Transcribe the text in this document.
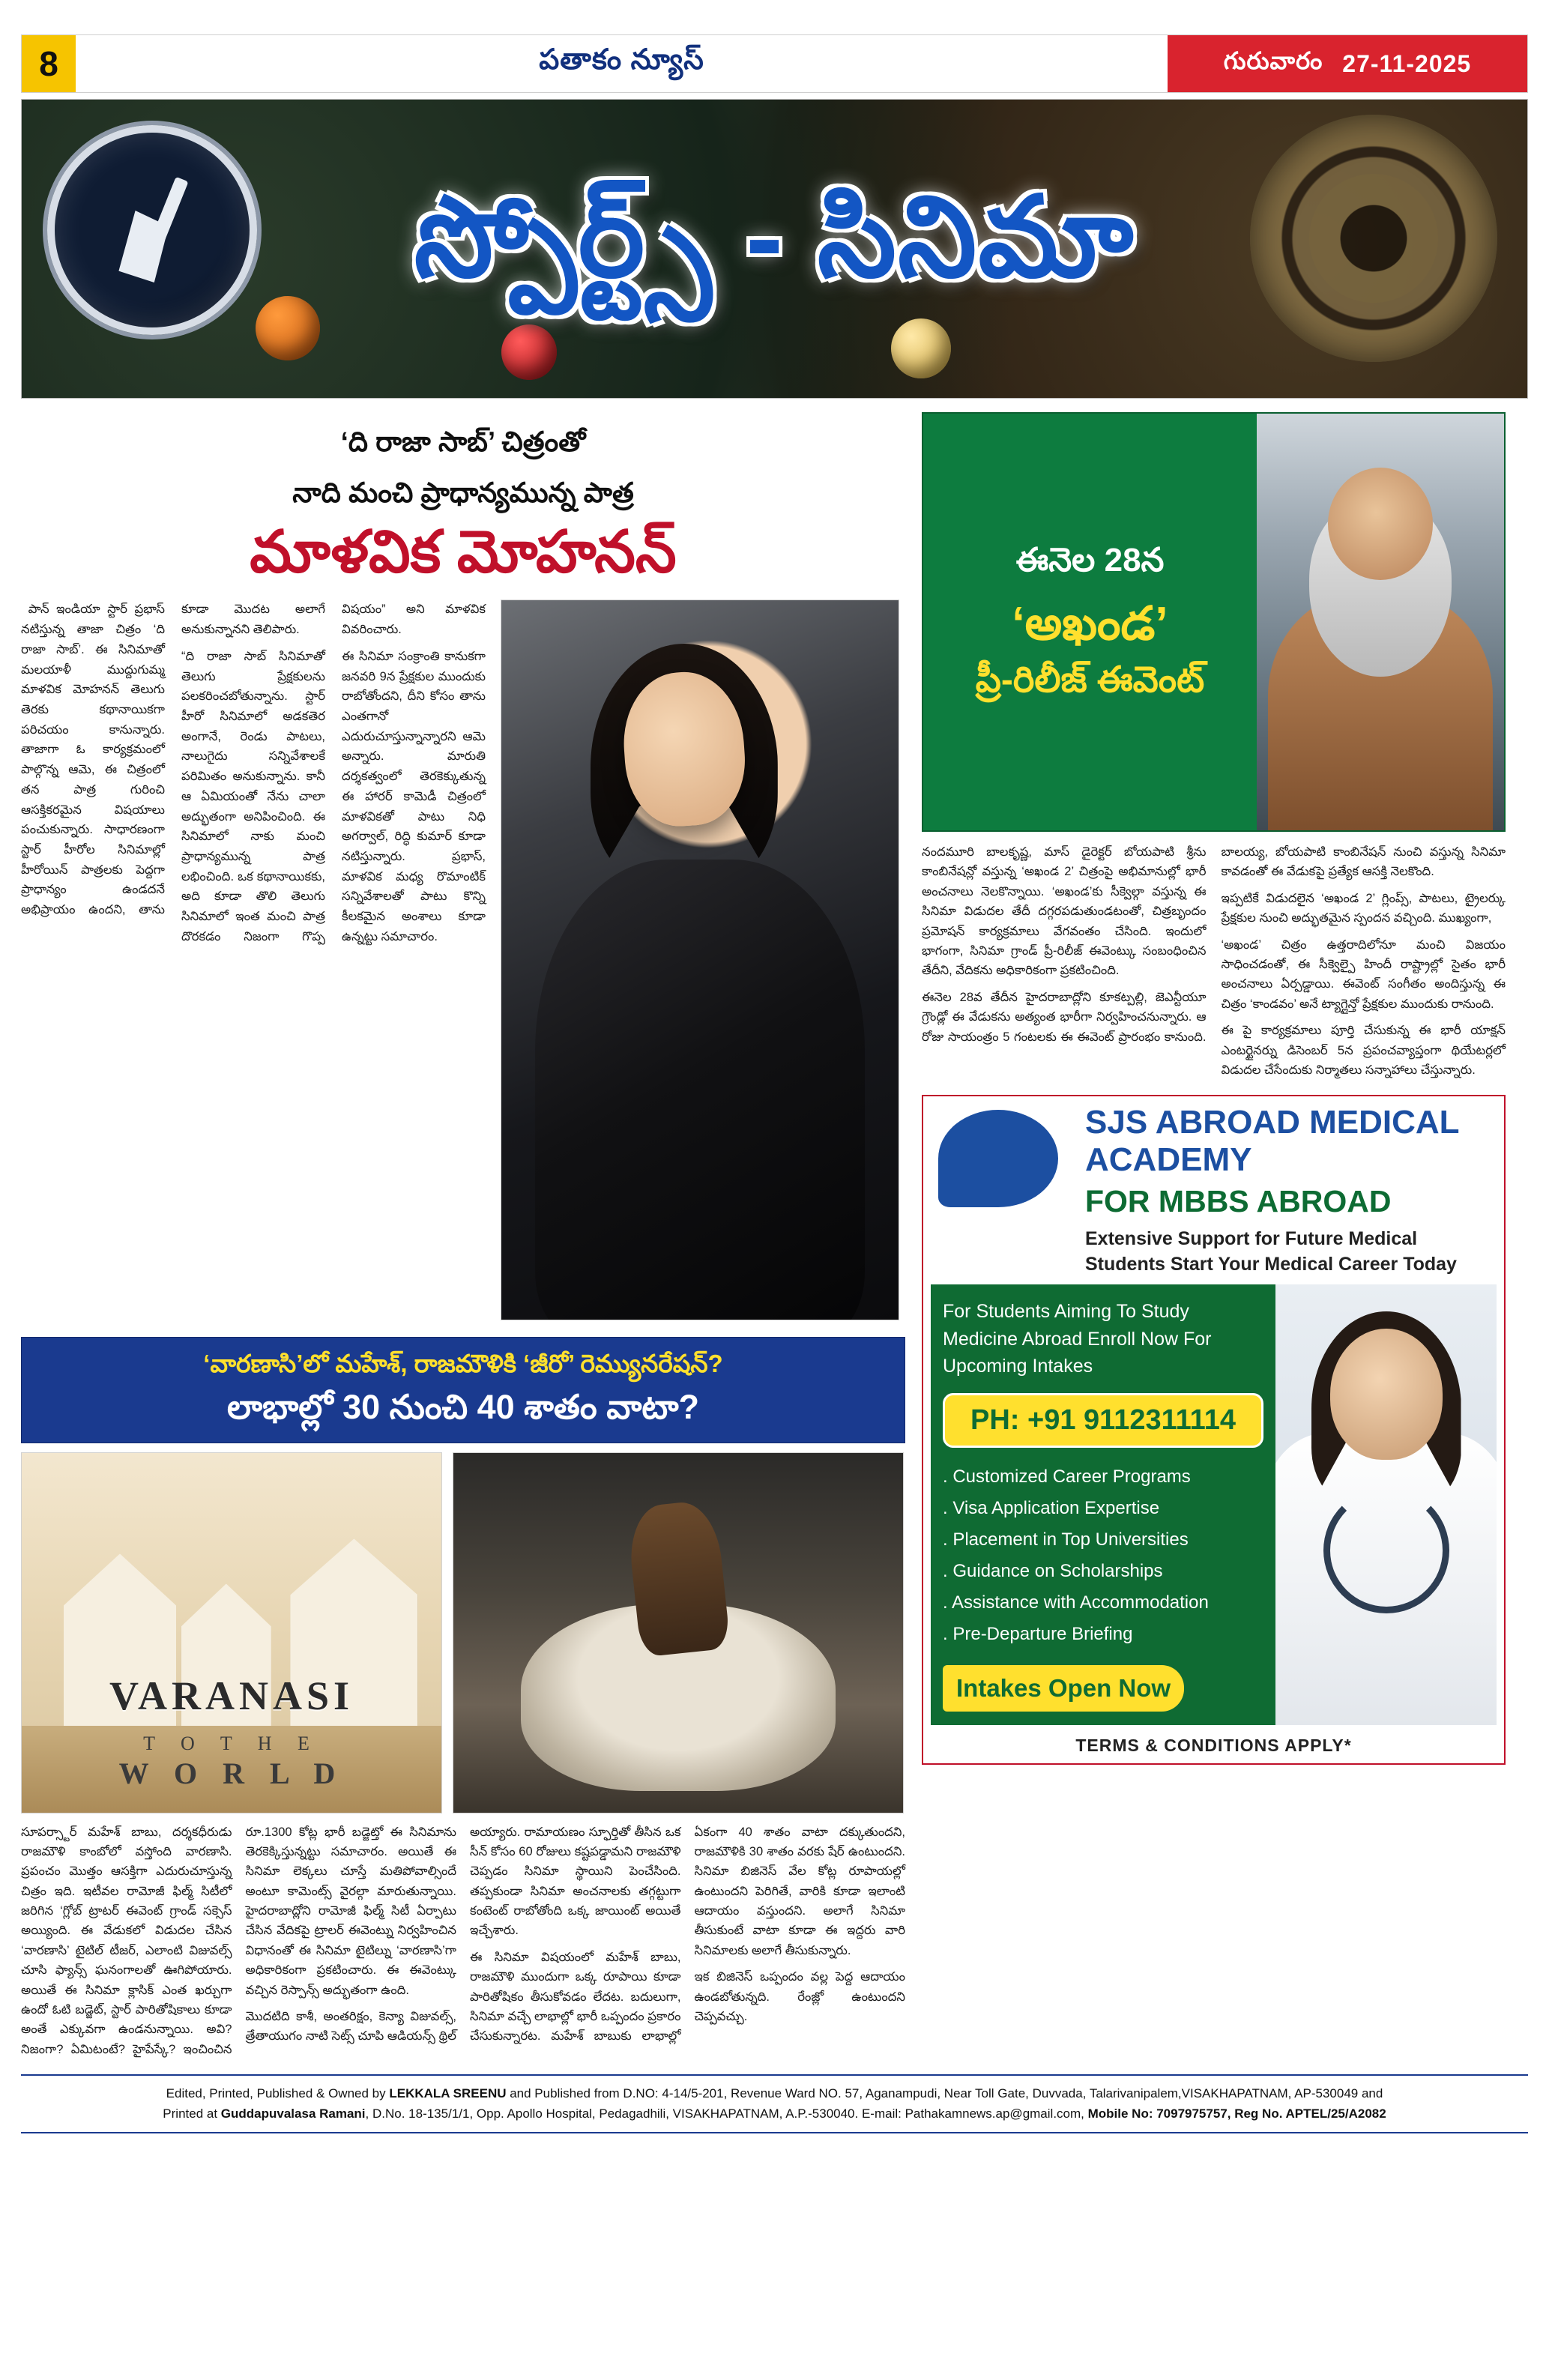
8	పతాకం న్యూస్	గురువారం 27-11-2025
స్పోర్ట్స్ - సినిమా
‘ది రాజా సాబ్’ చిత్రంతో
నాది మంచి ప్రాధాన్యమున్న పాత్ర
మాళవిక మోహనన్

పాన్ ఇండియా స్టార్ ప్రభాస్ నటిస్తున్న తాజా చిత్రం ‘ది రాజా సాబ్’. ఈ సినిమాతో మలయాళీ ముద్దుగుమ్మ మాళవిక మోహనన్ తెలుగు తెరకు కథానాయికగా పరిచయం కానున్నారు. తాజాగా ఓ కార్యక్రమంలో పాల్గొన్న ఆమె, ఈ చిత్రంలో తన పాత్ర గురించి ఆసక్తికరమైన విషయాలు పంచుకున్నారు. సాధారణంగా స్టార్ హీరోల సినిమాల్లో హీరోయిన్ పాత్రలకు పెద్దగా ప్రాధాన్యం ఉండదనే అభిప్రాయం ఉందని, తాను కూడా మొదట అలాగే అనుకున్నానని తెలిపారు.

“ది రాజా సాబ్ సినిమాతో తెలుగు ప్రేక్షకులను పలకరించబోతున్నాను. స్టార్ హీరో సినిమాలో అడకతెర అంగానే, రెండు పాటలు, నాలుగైదు సన్నివేశాలకే పరిమితం అనుకున్నాను. కానీ ఆ ఏమియంతో నేను చాలా అద్భుతంగా అనిపించింది. ఈ సినిమాలో నాకు మంచి ప్రాధాన్యమున్న పాత్ర లభించింది. ఒక కథానాయికకు, అది కూడా తొలి తెలుగు సినిమాలో ఇంత మంచి పాత్ర దొరకడం నిజంగా గొప్ప విషయం” అని మాళవిక వివరించారు.

ఈ సినిమా సంక్రాంతి కానుకగా జనవరి 9న ప్రేక్షకుల ముందుకు రాబోతోందని, దీని కోసం తాను ఎంతగానో ఎదురుచూస్తున్నాన్నారని ఆమె అన్నారు. మారుతి దర్శకత్వంలో తెరకెక్కుతున్న ఈ హారర్ కామెడీ చిత్రంలో మాళవికతో పాటు నిధి అగర్వాల్, రిద్ధి కుమార్ కూడా నటిస్తున్నారు. ప్రభాస్, మాళవిక మధ్య రొమాంటిక్ సన్నివేశాలతో పాటు కొన్ని కీలకమైన అంశాలు కూడా ఉన్నట్టు సమాచారం.

‘వారణాసి’లో మహేశ్, రాజమౌళికి ‘జీరో’ రెమ్యునరేషన్?
లాభాల్లో 30 నుంచి 40 శాతం వాటా?
VARANASI
T O T H E
W O R L D

సూపర్స్టార్ మహేశ్ బాబు, దర్శకధీరుడు రాజమౌళి కాంబోలో వస్తోంది వారణాసి. ప్రపంచం మొత్తం ఆసక్తిగా ఎదురుచూస్తున్న చిత్రం ఇది. ఇటీవల రామోజీ ఫిల్మ్ సిటీలో జరిగిన ‘గ్లోబ్ ట్రాటర్ ఈవెంట్ గ్రాండ్ సక్సెస్ అయ్యింది. ఈ వేడుకలో విడుదల చేసిన ‘వారణాసి’ టైటిల్ టీజర్, ఎలాంటి విజువల్స్ చూసి ఫ్యాన్స్ ఘనంగాలతో ఊగిపోయారు. అయితే ఈ సినిమా క్లాసిక్ ఎంత ఖర్చుగా ఉందో ఓటి బడ్జెట్, స్టార్ పారితోషికాలు కూడా అంతే ఎక్కువగా ఉండనున్నాయి. అవి? నిజంగా? ఏమిటంటే? హైపేస్కే? ఇంచించిన రూ.1300 కోట్ల భారీ బడ్జెట్తో ఈ సినిమాను తెరకెక్కిస్తున్నట్టు సమాచారం. అయితే ఈ సినిమా లెక్కలు చూస్తే మతిపోవాల్సిందే అంటూ కామెంట్స్ వైరల్గా మారుతున్నాయి. హైదరాబాద్లోని రామోజీ ఫిల్మ్ సిటీ ఏర్పాటు చేసిన వేదికపై ట్రాలర్ ఈవెంట్ను నిర్వహించిన విధానంతో ఈ సినిమా టైటిల్ను ‘వారణాసి’గా అధికారికంగా ప్రకటించారు. ఈ ఈవెంట్కు వచ్చిన రెస్పాన్స్ అద్భుతంగా ఉంది.

మొదటిది కాశీ, అంతరిక్షం, కెన్యా విజువల్స్, త్రేతాయుగం నాటి సెట్స్ చూపి ఆడియన్స్ థ్రిల్ అయ్యారు. రామాయణం స్ఫూర్తితో తీసిన ఒక సీన్ కోసం 60 రోజులు కష్టపడ్డామని రాజమౌళి చెప్పడం సినిమా స్థాయిని పెంచేసింది. తప్పకుండా సినిమా అంచనాలకు తగ్గట్టుగా కంటెంట్ రాబోతోంది ఒక్క జాయింట్ అయితే ఇచ్చేశారు.

ఈ సినిమా విషయంలో మహేశ్ బాబు, రాజమౌళి ముందుగా ఒక్క రూపాయి కూడా పారితోషికం తీసుకోవడం లేదట. బదులుగా, సినిమా వచ్చే లాభాల్లో భారీ ఒప్పందం ప్రకారం చేసుకున్నారట. మహేశ్ బాబుకు లాభాల్లో ఏకంగా 40 శాతం వాటా దక్కుతుందని, రాజమౌళికి 30 శాతం వరకు షేర్ ఉంటుందని. సినిమా బిజినెస్ వేల కోట్ల రూపాయల్లో ఉంటుందని పెరిగితే, వారికి కూడా ఇలాంటి ఆదాయం వస్తుందని. అలాగే సినిమా తీసుకుంటే వాటా కూడా ఈ ఇద్దరు వారి సినిమాలకు అలాగే తీసుకున్నారు.

ఇక బిజినెస్ ఒప్పందం వల్ల పెద్ద ఆదాయం ఉండబోతున్నది. రేంజ్లో ఉంటుందని చెప్పవచ్చు.

ఈనెల 28న
‘అఖండ’
ప్రీ-రిలీజ్ ఈవెంట్

నందమూరి బాలకృష్ణ, మాస్ డైరెక్టర్ బోయపాటి శ్రీను కాంబినేషన్లో వస్తున్న ‘అఖండ 2’ చిత్రంపై అభిమానుల్లో భారీ అంచనాలు నెలకొన్నాయి. ‘అఖండ’కు సీక్వెల్గా వస్తున్న ఈ సినిమా విడుదల తేదీ దగ్గరపడుతుండటంతో, చిత్రబృందం ప్రమోషన్ కార్యక్రమాలు వేగవంతం చేసింది. ఇందులో భాగంగా, సినిమా గ్రాండ్ ప్రీ-రిలీజ్ ఈవెంట్కు సంబంధించిన తేదీని, వేదికను అధికారికంగా ప్రకటించింది.

ఈనెల 28వ తేదీన హైదరాబాద్లోని కూకట్పల్లి, జెఎన్టీయూ గ్రౌండ్లో ఈ వేడుకను అత్యంత భారీగా నిర్వహించనున్నారు. ఆ రోజు సాయంత్రం 5 గంటలకు ఈ ఈవెంట్ ప్రారంభం కానుంది. బాలయ్య, బోయపాటి కాంబినేషన్ నుంచి వస్తున్న సినిమా కావడంతో ఈ వేడుకపై ప్రత్యేక ఆసక్తి నెలకొంది.

ఇప్పటికే విడుదలైన ‘అఖండ 2’ గ్లింప్స్, పాటలు, ట్రైలర్కు ప్రేక్షకుల నుంచి అద్భుతమైన స్పందన వచ్చింది. ముఖ్యంగా,

‘అఖండ’ చిత్రం ఉత్తరాదిలోనూ మంచి విజయం సాధించడంతో, ఈ సీక్వెల్పై హిందీ రాష్ట్రాల్లో సైతం భారీ అంచనాలు ఏర్పడ్డాయి. ఈవెంట్ సంగీతం అందిస్తున్న ఈ చిత్రం ‘కాండవం’ అనే ట్యాగ్లైన్తో ప్రేక్షకుల ముందుకు రానుంది.

ఈ పై కార్యక్రమాలు పూర్తి చేసుకున్న ఈ భారీ యాక్షన్ ఎంటర్టైనర్ను డిసెంబర్ 5న ప్రపంచవ్యాప్తంగా థియేటర్లలో విడుదల చేసేందుకు నిర్మాతలు సన్నాహాలు చేస్తున్నారు.

SJS ABROAD MEDICAL
ACADEMY
FOR MBBS ABROAD
Extensive Support for Future Medical Students Start Your Medical Career Today
For Students Aiming To Study Medicine Abroad Enroll Now For Upcoming Intakes
PH: +91 9112311114
. Customized Career Programs
. Visa Application Expertise
. Placement in Top Universities
. Guidance on Scholarships
. Assistance with Accommodation
. Pre-Departure Briefing
Intakes Open Now
TERMS & CONDITIONS APPLY*
Edited, Printed, Published & Owned by LEKKALA SREENU and Published from D.NO: 4-14/5-201, Revenue Ward NO. 57, Aganampudi, Near Toll Gate, Duvvada, Talarivanipalem,VISAKHAPATNAM, AP-530049 and
Printed at Guddapuvalasa Ramani, D.No. 18-135/1/1, Opp. Apollo Hospital, Pedagadhili, VISAKHAPATNAM, A.P.-530040. E-mail: Pathakamnews.ap@gmail.com, Mobile No: 7097975757, Reg No. APTEL/25/A2082
